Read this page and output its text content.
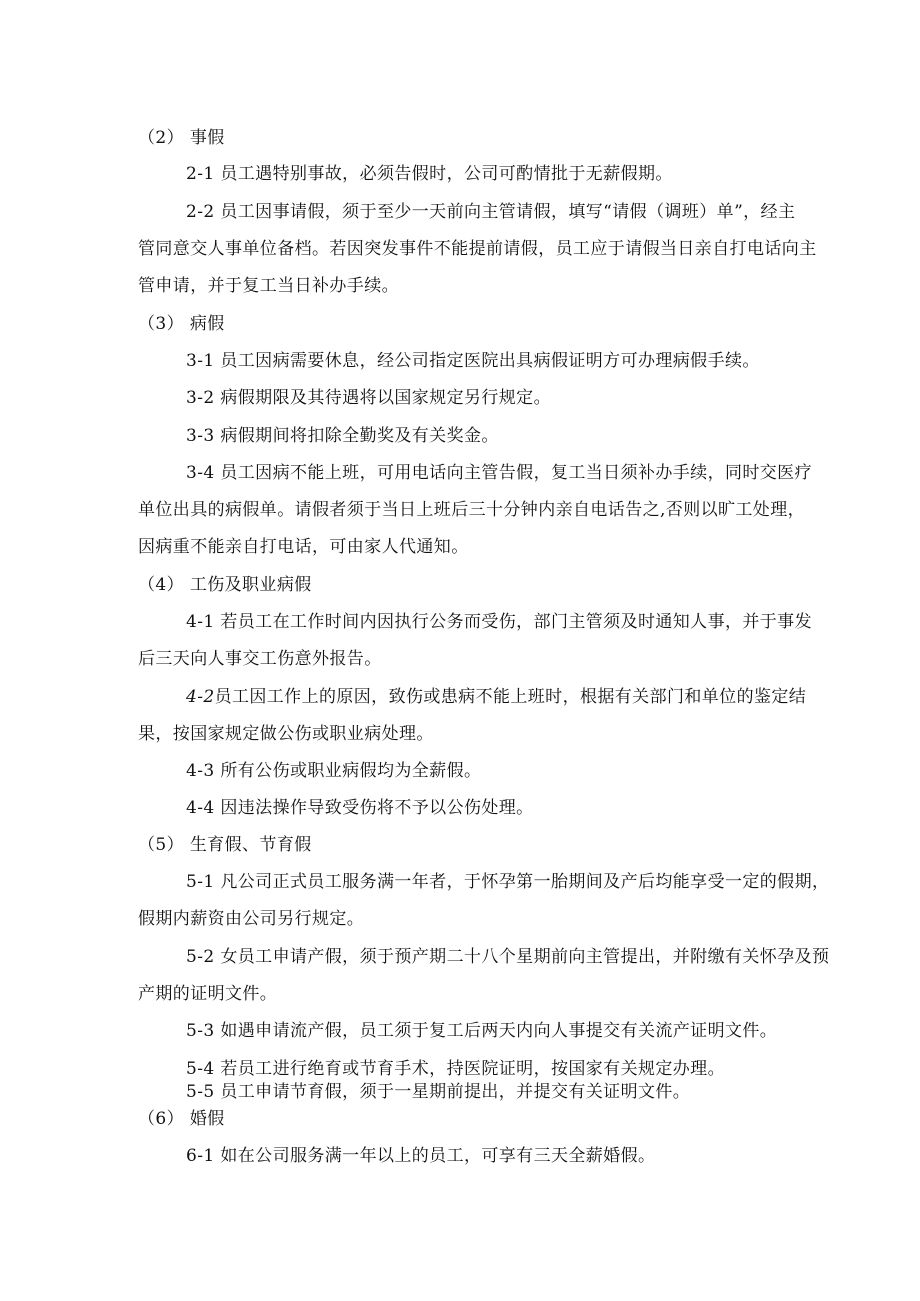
（2） 事假
2-1 员工遇特别事故，必须告假时，公司可酌情批于无薪假期。
2-2 员工因事请假，须于至少一天前向主管请假，填写“请假（调班）单”，经主
管同意交人事单位备档。若因突发事件不能提前请假，员工应于请假当日亲自打电话向主
管申请，并于复工当日补办手续。
（3） 病假
3-1 员工因病需要休息，经公司指定医院出具病假证明方可办理病假手续。
3-2 病假期限及其待遇将以国家规定另行规定。
3-3 病假期间将扣除全勤奖及有关奖金。
3-4 员工因病不能上班，可用电话向主管告假，复工当日须补办手续，同时交医疗
单位出具的病假单。请假者须于当日上班后三十分钟内亲自电话告之,否则以旷工处理，
因病重不能亲自打电话，可由家人代通知。
（4） 工伤及职业病假
4-1 若员工在工作时间内因执行公务而受伤，部门主管须及时通知人事，并于事发
后三天向人事交工伤意外报告。
4-2员工因工作上的原因，致伤或患病不能上班时，根据有关部门和单位的鉴定结
果，按国家规定做公伤或职业病处理。
4-3 所有公伤或职业病假均为全薪假。
4-4 因违法操作导致受伤将不予以公伤处理。
（5） 生育假、节育假
5-1 凡公司正式员工服务满一年者，于怀孕第一胎期间及产后均能享受一定的假期，
假期内薪资由公司另行规定。
5-2 女员工申请产假，须于预产期二十八个星期前向主管提出，并附缴有关怀孕及预
产期的证明文件。
5-3 如遇申请流产假，员工须于复工后两天内向人事提交有关流产证明文件。
5-4 若员工进行绝育或节育手术，持医院证明，按国家有关规定办理。
5-5 员工申请节育假，须于一星期前提出，并提交有关证明文件。
（6） 婚假
6-1 如在公司服务满一年以上的员工，可享有三天全薪婚假。
